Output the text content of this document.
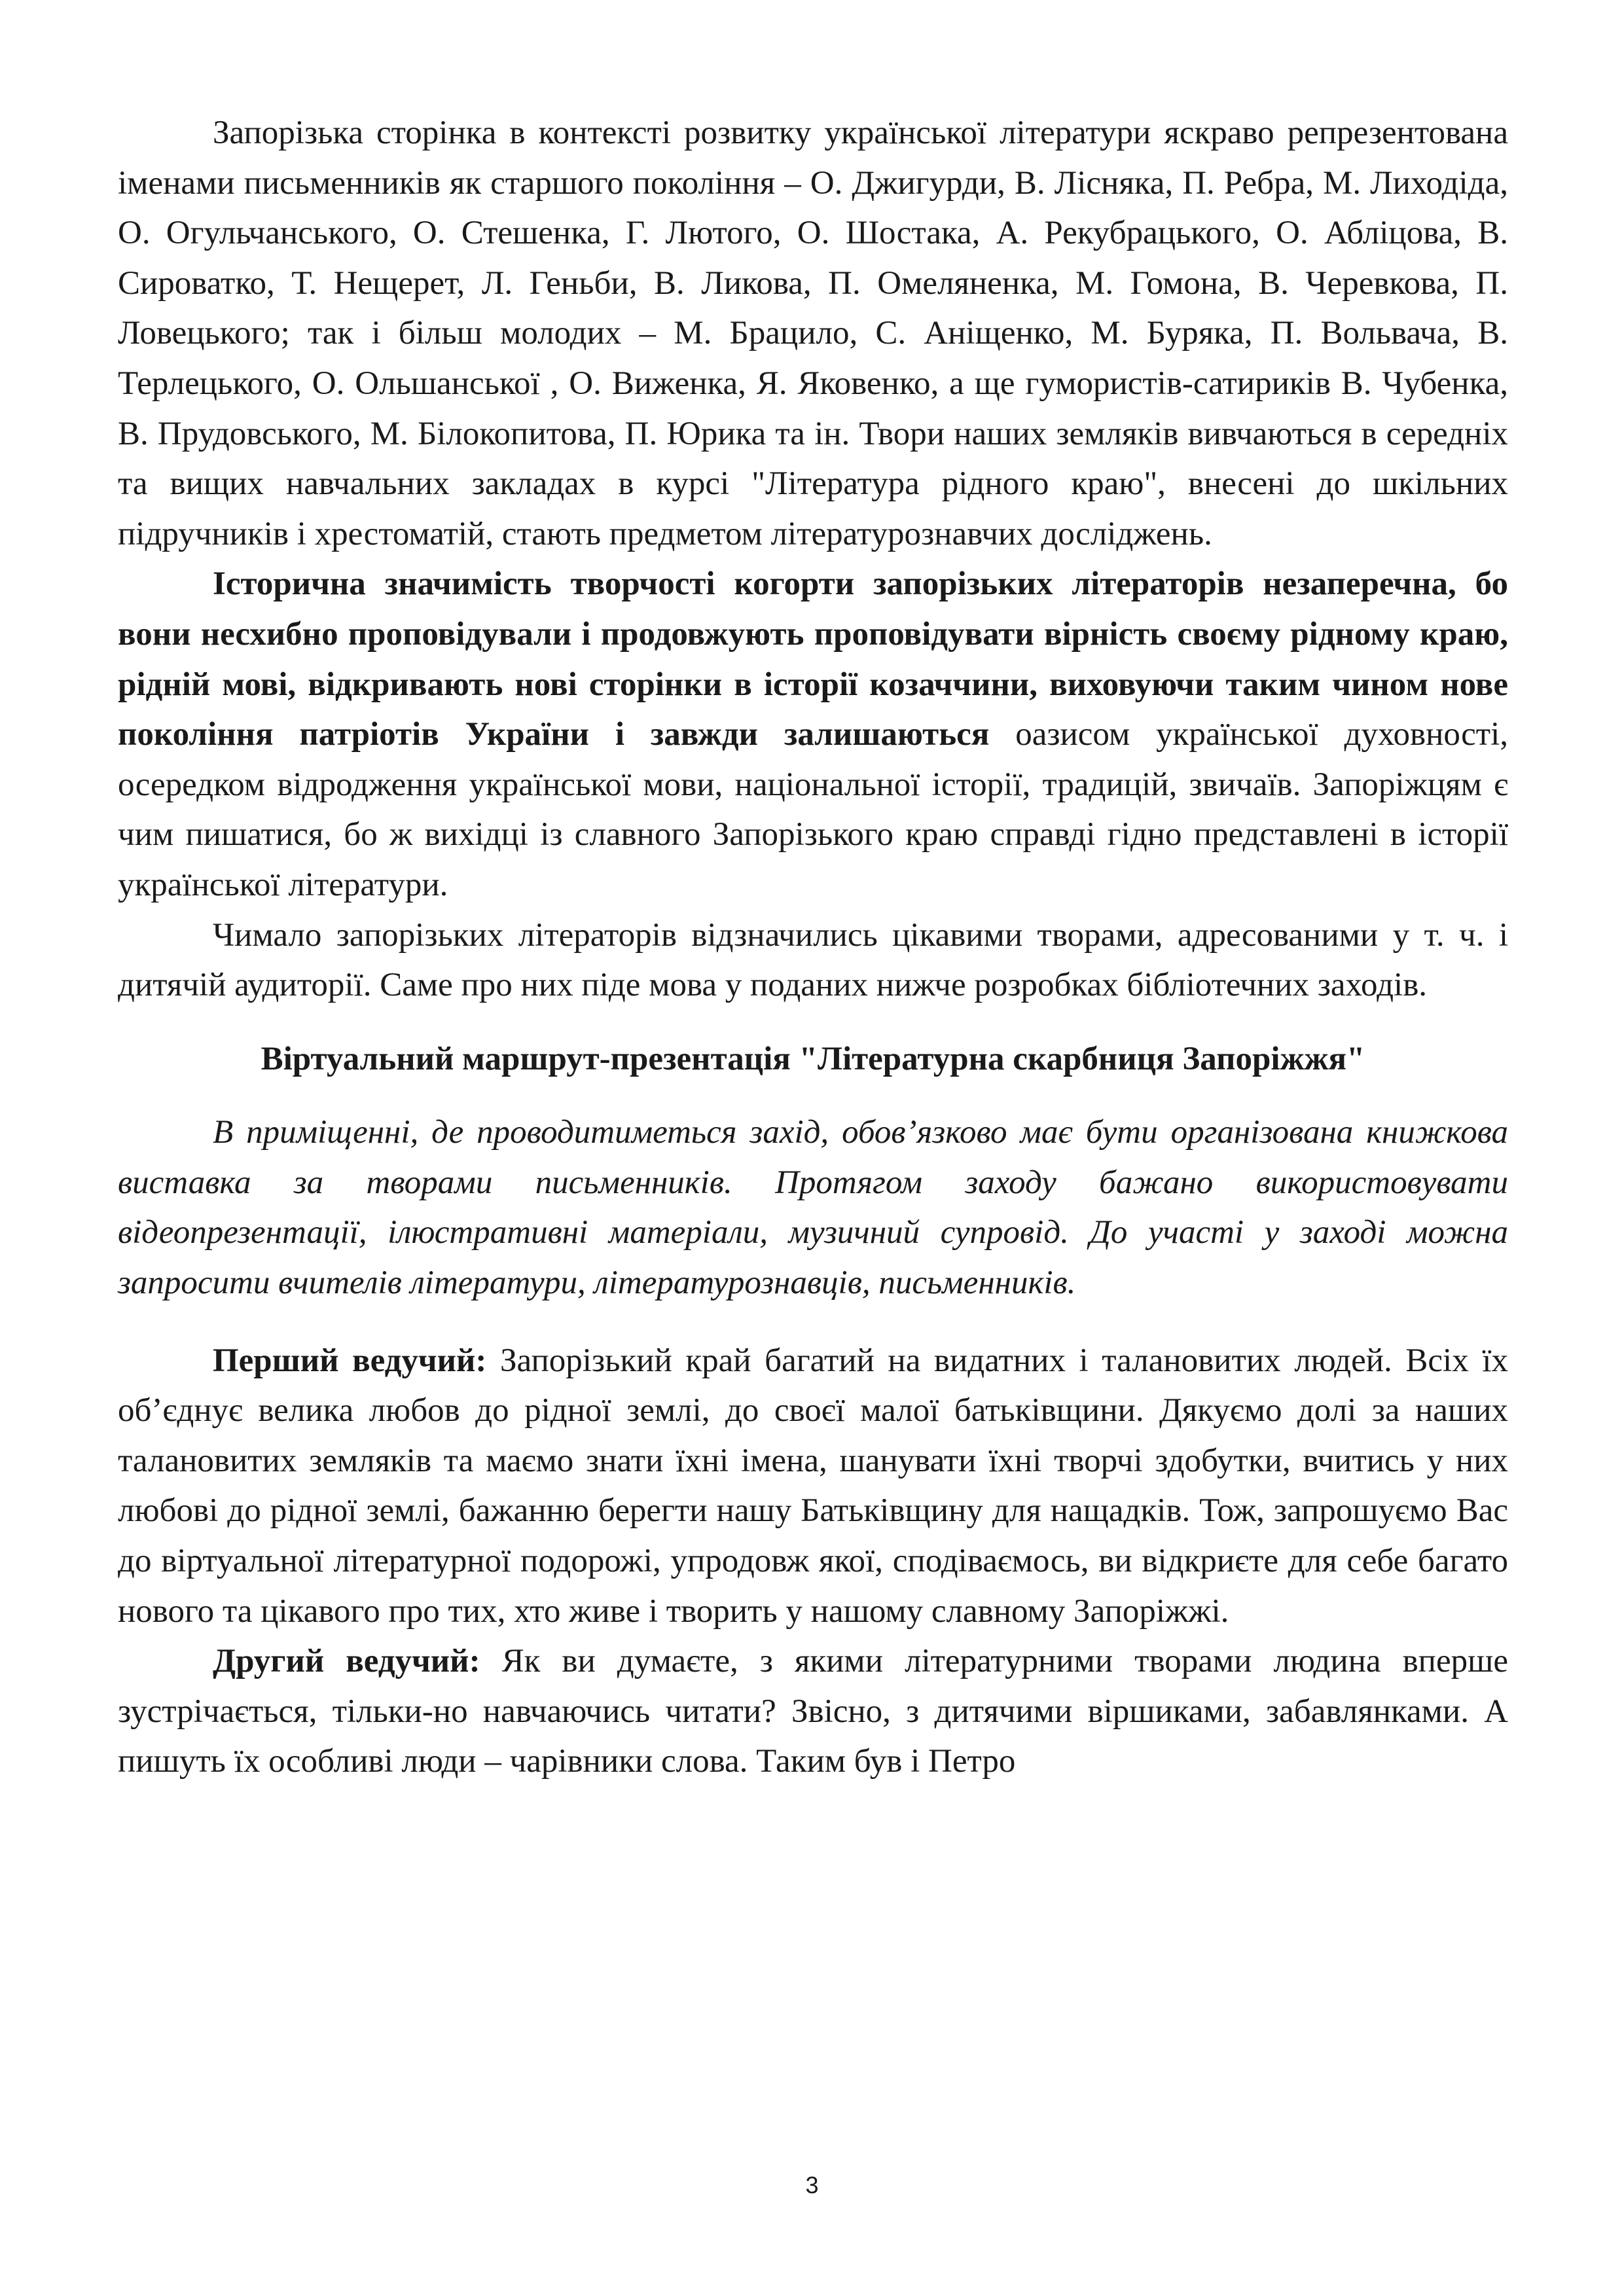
Запорізька сторінка в контексті розвитку української літератури яскраво репрезентована іменами письменників як старшого покоління – О. Джигурди, В. Лісняка, П. Ребра, М. Лиходіда, О. Огульчанського, О. Стешенка, Г. Лютого, О. Шостака, А. Рекубрацького, О. Абліцова, В. Сироватко, Т. Нещерет, Л. Геньби, В. Ликова, П. Омеляненка, М. Гомона, В. Черевкова, П. Ловецького; так і більш молодих – М. Брацило, С. Аніщенко, М. Буряка, П. Вольвача, В. Терлецького, О. Ольшанської , О. Виженка, Я. Яковенко, а ще гумористів-сатириків В. Чубенка, В. Прудовського, М. Білокопитова, П. Юрика та ін. Твори наших земляків вивчаються в середніх та вищих навчальних закладах в курсі "Література рідного краю", внесені до шкільних підручників і хрестоматій, стають предметом літературознавчих досліджень.

Історична значимість творчості когорти запорізьких літераторів незаперечна, бо вони несхибно проповідували і продовжують проповідувати вірність своєму рідному краю, рідній мові, відкривають нові сторінки в історії козаччини, виховуючи таким чином нове покоління патріотів України і завжди залишаються оазисом української духовності, осередком відродження української мови, національної історії, традицій, звичаїв. Запоріжцям є чим пишатися, бо ж вихідці із славного Запорізького краю справді гідно представлені в історії української літератури.

Чимало запорізьких літераторів відзначились цікавими творами, адресованими у т. ч. і дитячій аудиторії. Саме про них піде мова у поданих нижче розробках бібліотечних заходів.

Віртуальний маршрут-презентація "Літературна скарбниця Запоріжжя"

В приміщенні, де проводитиметься захід, обов’язково має бути організована книжкова виставка за творами письменників. Протягом заходу бажано використовувати відеопрезентації, ілюстративні матеріали, музичний супровід. До участі у заході можна запросити вчителів літератури, літературознавців, письменників.

Перший ведучий: Запорізький край багатий на видатних і талановитих людей. Всіх їх об’єднує велика любов до рідної землі, до своєї малої батьківщини. Дякуємо долі за наших талановитих земляків та маємо знати їхні імена, шанувати їхні творчі здобутки, вчитись у них любові до рідної землі, бажанню берегти нашу Батьківщину для нащадків. Тож, запрошуємо Вас до віртуальної літературної подорожі, упродовж якої, сподіваємось, ви відкриєте для себе багато нового та цікавого про тих, хто живе і творить у нашому славному Запоріжжі.

Другий ведучий: Як ви думаєте, з якими літературними творами людина вперше зустрічається, тільки-но навчаючись читати? Звісно, з дитячими віршиками, забавлянками. А пишуть їх особливі люди – чарівники слова. Таким був і Петро

3
